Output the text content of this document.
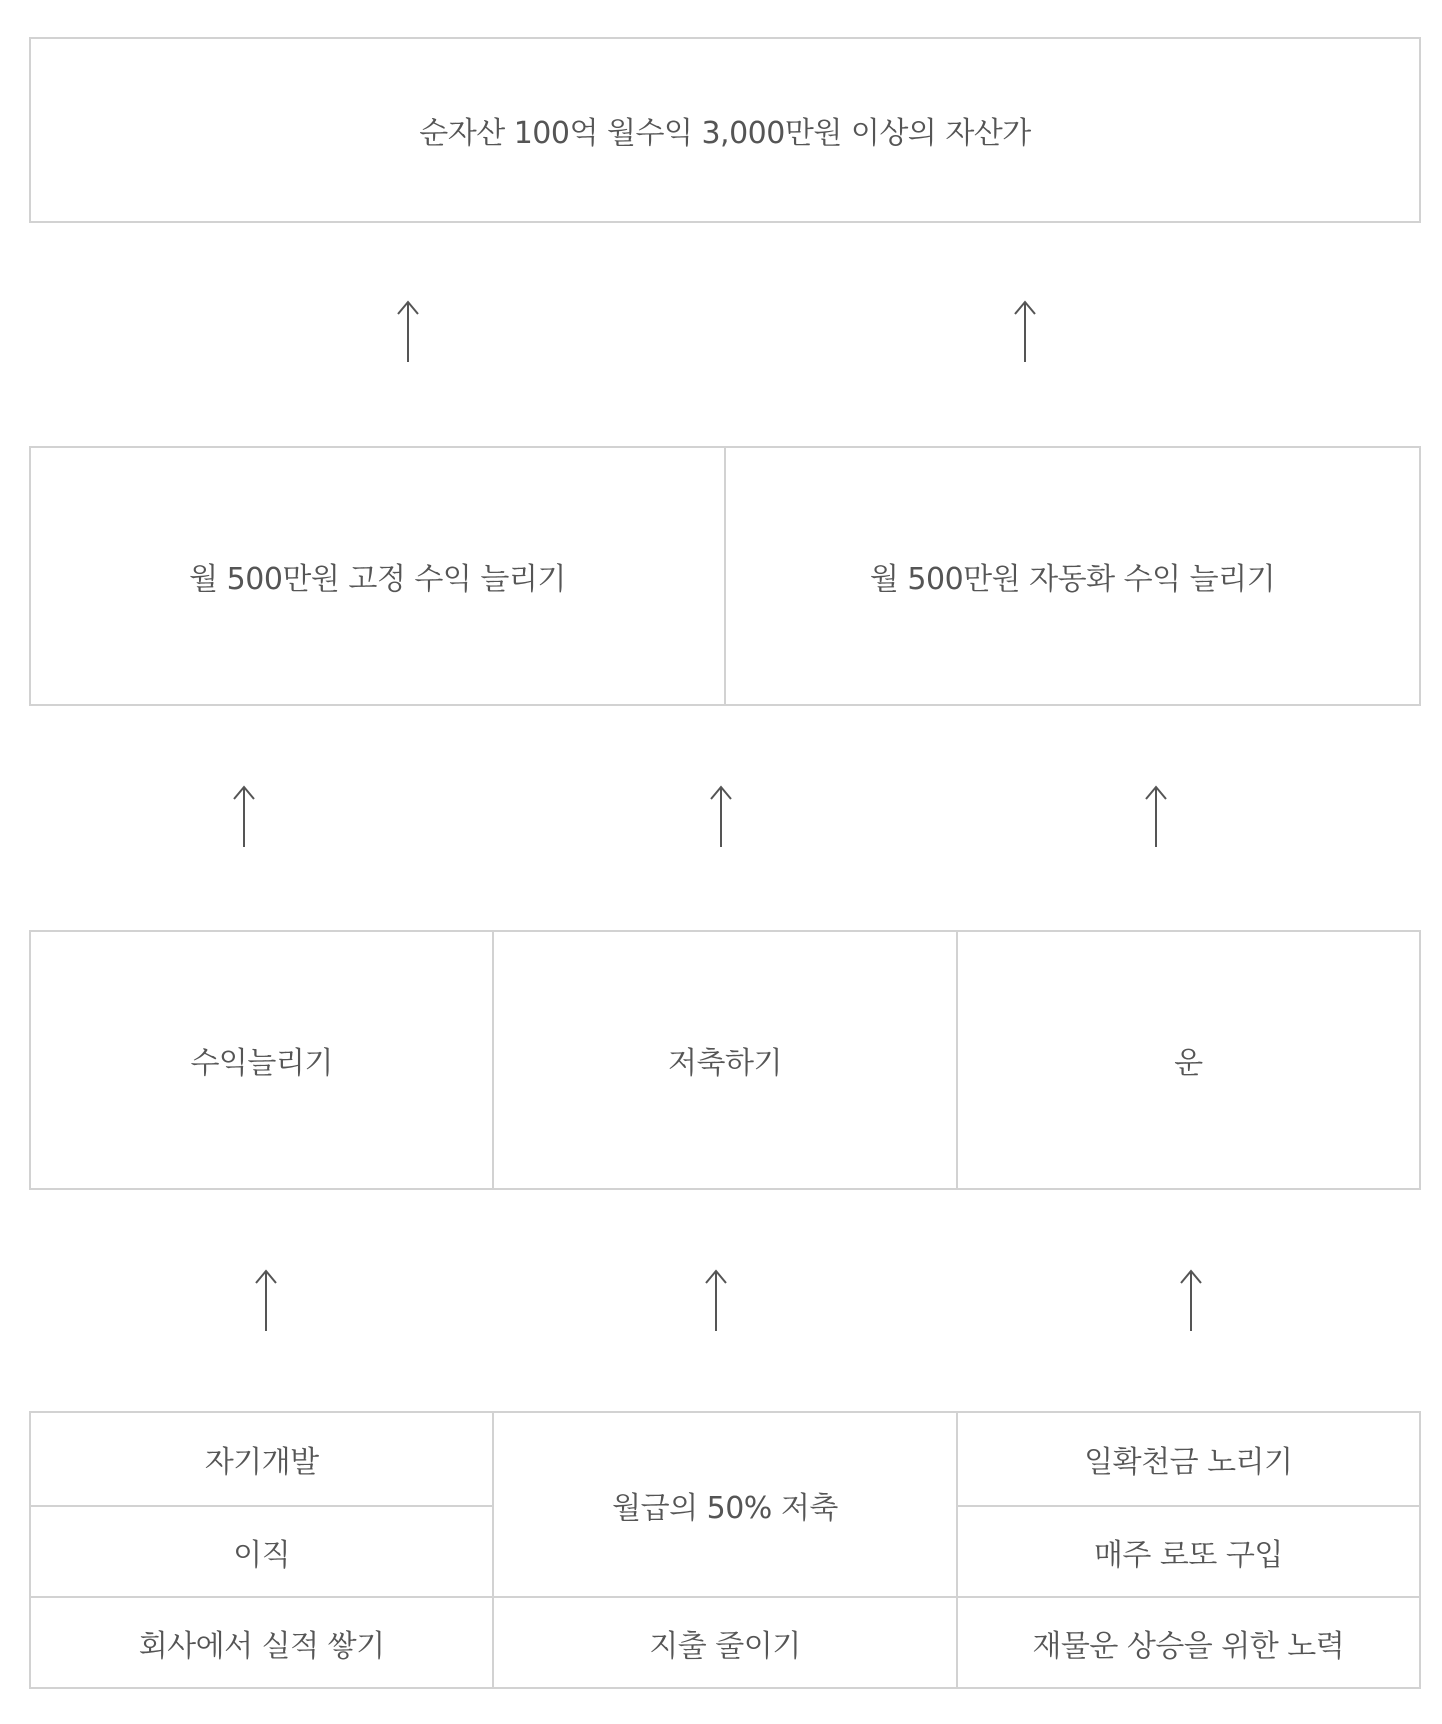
순자산 100억 월수익 3,000만원 이상의 자산가
월 500만원 고정 수익 늘리기	월 500만원 자동화 수익 늘리기
수익늘리기	저축하기	운
자기개발	월급의 50% 저축	일확천금 노리기
이직		매주 로또 구입
회사에서 실적 쌓기	지출 줄이기	재물운 상승을 위한 노력
